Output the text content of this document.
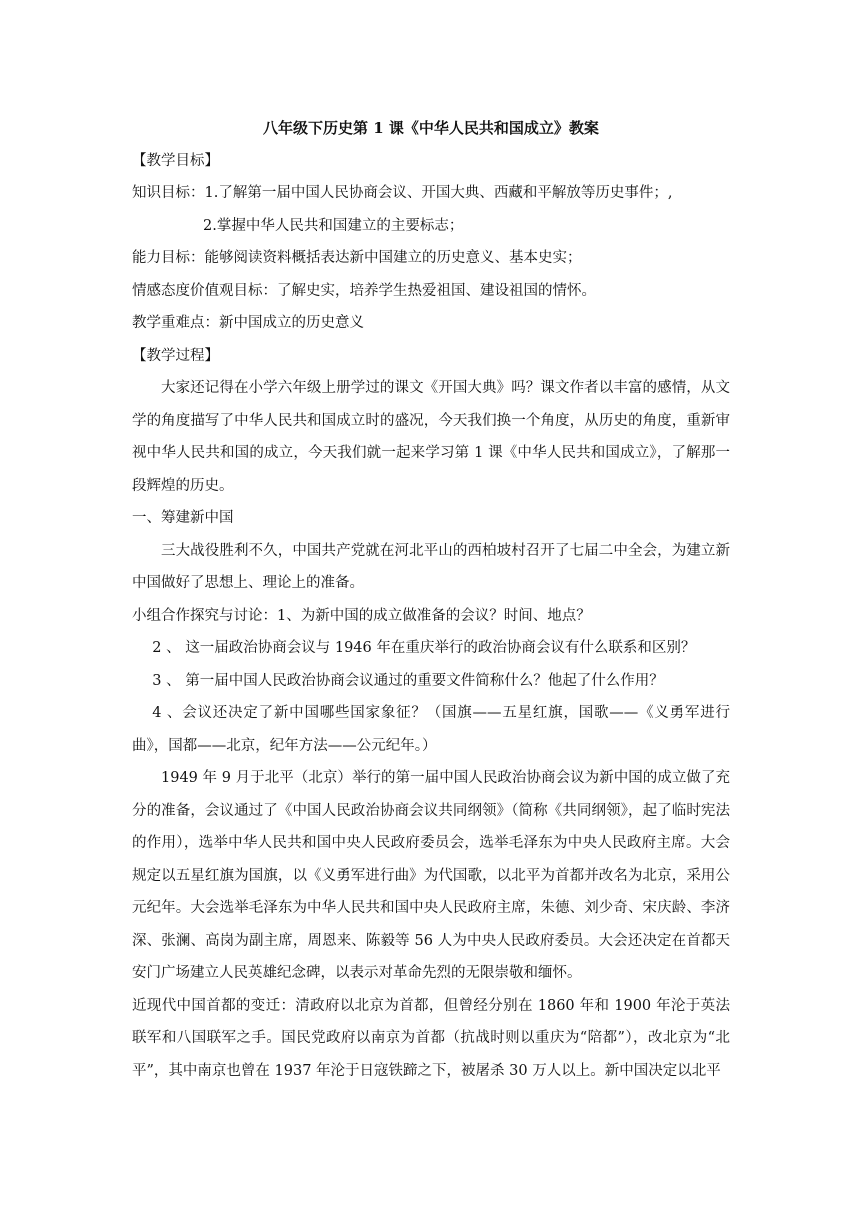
八年级下历史第 1 课《中华人民共和国成立》教案

【教学目标】

知识目标：1.了解第一届中国人民协商会议、开国大典、西藏和平解放等历史事件；,

2.掌握中华人民共和国建立的主要标志；

能力目标：能够阅读资料概括表达新中国建立的历史意义、基本史实；

情感态度价值观目标：了解史实，培养学生热爱祖国、建设祖国的情怀。

教学重难点：新中国成立的历史意义

【教学过程】

大家还记得在小学六年级上册学过的课文《开国大典》吗？课文作者以丰富的感情，从文学的角度描写了中华人民共和国成立时的盛况，今天我们换一个角度，从历史的角度，重新审视中华人民共和国的成立，今天我们就一起来学习第 1 课《中华人民共和国成立》，了解那一段辉煌的历史。

一、筹建新中国

三大战役胜利不久，中国共产党就在河北平山的西柏坡村召开了七届二中全会，为建立新中国做好了思想上、理论上的准备。

小组合作探究与讨论：1、为新中国的成立做准备的会议？时间、地点？

2 、 这一届政治协商会议与 1946 年在重庆举行的政治协商会议有什么联系和区别？

3 、 第一届中国人民政治协商会议通过的重要文件简称什么？他起了什么作用？

4 、会议还决定了新中国哪些国家象征？（国旗——五星红旗，国歌——《义勇军进行曲》，国都——北京，纪年方法——公元纪年。）

1949 年 9 月于北平（北京）举行的第一届中国人民政治协商会议为新中国的成立做了充分的准备，会议通过了《中国人民政治协商会议共同纲领》（简称《共同纲领》，起了临时宪法的作用），选举中华人民共和国中央人民政府委员会，选举毛泽东为中央人民政府主席。大会规定以五星红旗为国旗，以《义勇军进行曲》为代国歌，以北平为首都并改名为北京，采用公元纪年。大会选举毛泽东为中华人民共和国中央人民政府主席，朱德、刘少奇、宋庆龄、李济深、张澜、高岗为副主席，周恩来、陈毅等 56 人为中央人民政府委员。大会还决定在首都天安门广场建立人民英雄纪念碑，以表示对革命先烈的无限崇敬和缅怀。

近现代中国首都的变迁：清政府以北京为首都，但曾经分别在 1860 年和 1900 年沦于英法联军和八国联军之手。国民党政府以南京为首都（抗战时则以重庆为“陪都”），改北京为“北平”，其中南京也曾在 1937 年沦于日寇铁蹄之下，被屠杀 30 万人以上。新中国决定以北平
